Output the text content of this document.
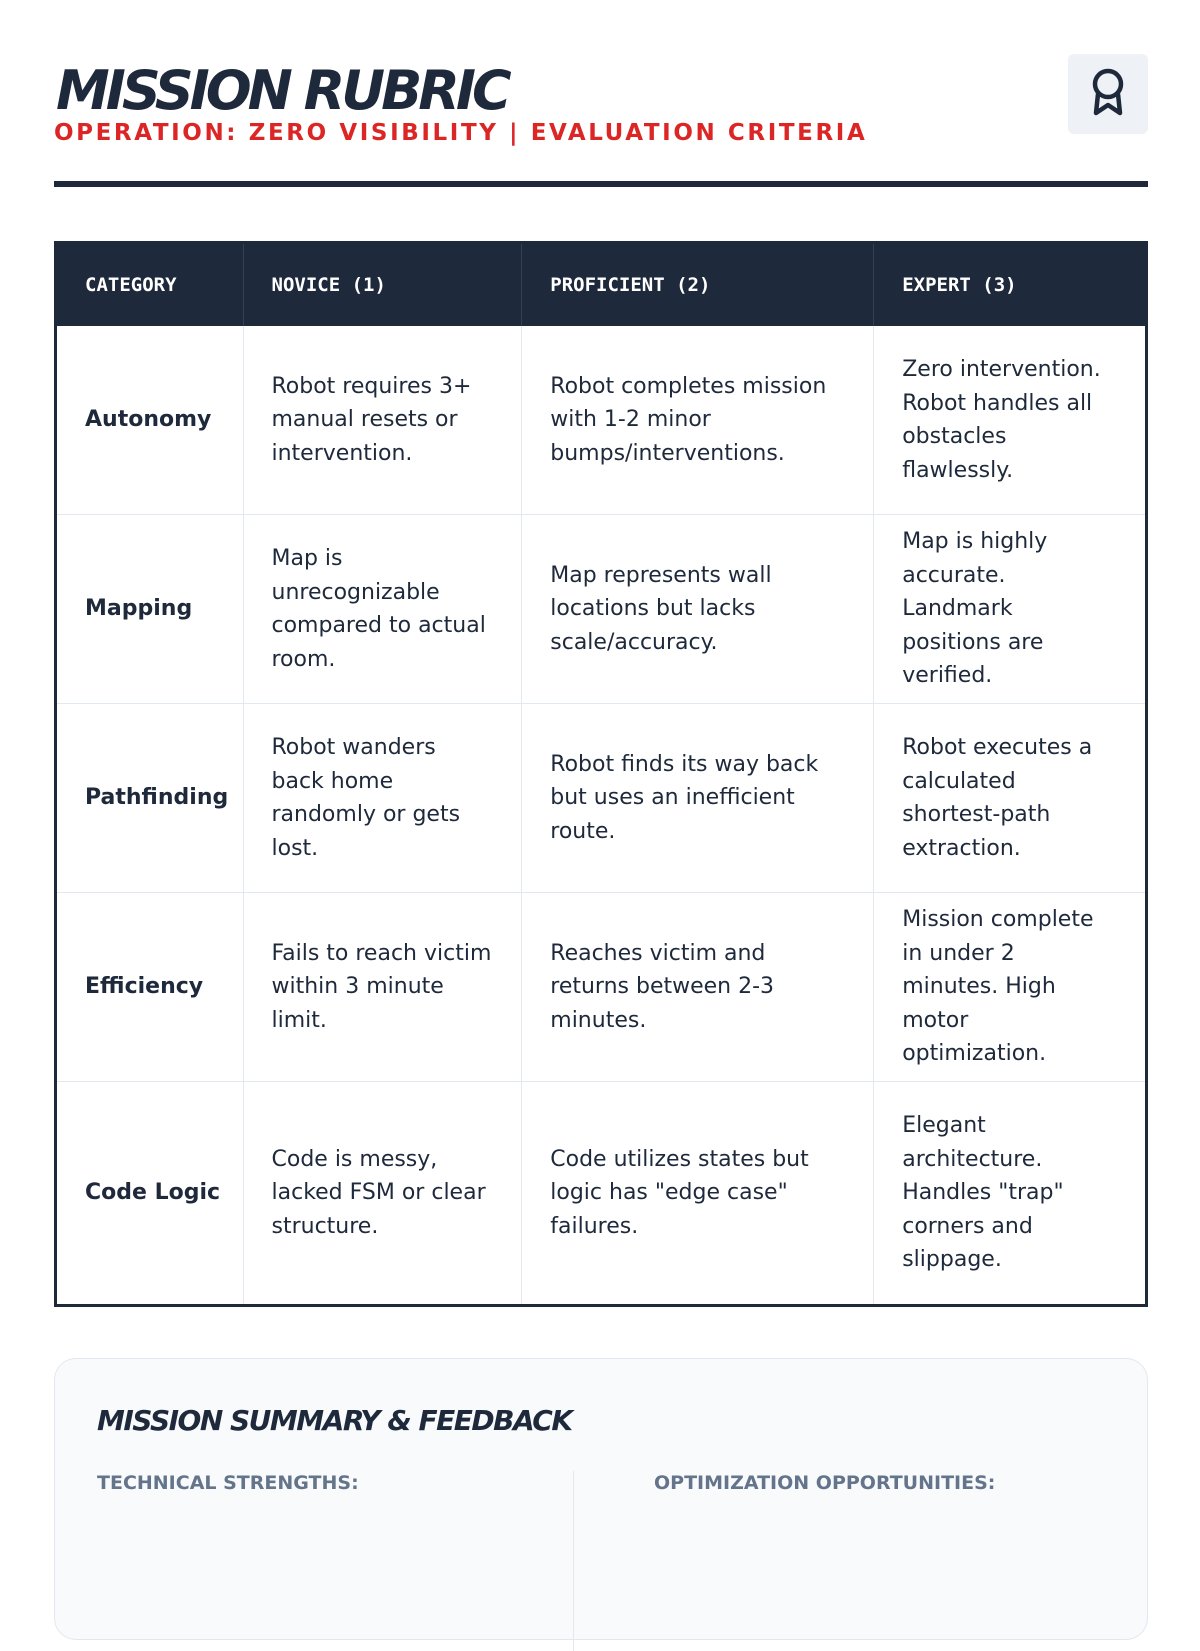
MISSION RUBRIC
OPERATION: ZERO VISIBILITY | EVALUATION CRITERIA
CATEGORY	NOVICE (1)	PROFICIENT (2)	EXPERT (3)
Autonomy	Robot requires 3+ manual resets or intervention.	Robot completes mission with 1-2 minor bumps/interventions.	Zero intervention. Robot handles all obstacles flawlessly.
Mapping	Map is unrecognizable compared to actual room.	Map represents wall locations but lacks scale/accuracy.	Map is highly accurate. Landmark positions are verified.
Pathfinding	Robot wanders back home randomly or gets lost.	Robot finds its way back but uses an inefficient route.	Robot executes a calculated shortest-path extraction.
Efficiency	Fails to reach victim within 3 minute limit.	Reaches victim and returns between 2-3 minutes.	Mission complete in under 2 minutes. High motor optimization.
Code Logic	Code is messy, lacked FSM or clear structure.	Code utilizes states but logic has "edge case" failures.	Elegant architecture. Handles "trap" corners and slippage.
MISSION SUMMARY & FEEDBACK
TECHNICAL STRENGTHS:	OPTIMIZATION OPPORTUNITIES:
